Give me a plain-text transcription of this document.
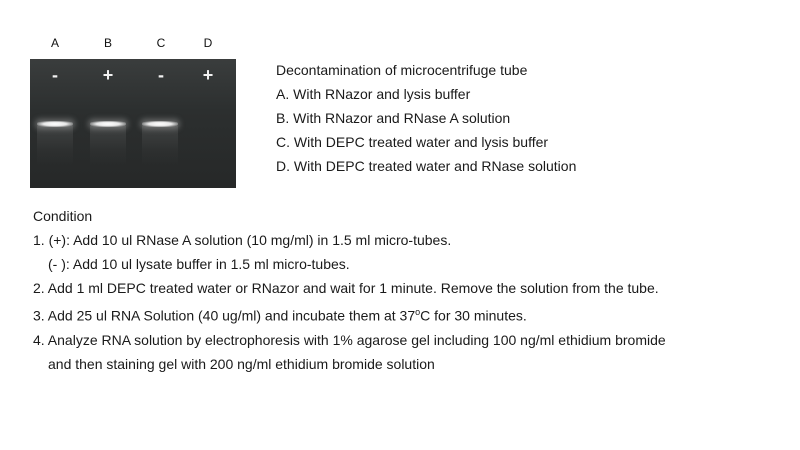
A	B	C	D
-	+	-	+	Decontamination of microcentrifuge tube
A. With RNazor and lysis buffer
B. With RNazor and RNase A solution
C. With DEPC treated water and lysis buffer
D. With DEPC treated water and RNase solution
Condition
1. (+): Add 10 ul RNase A solution (10 mg/ml) in 1.5 ml micro-tubes.
(- ): Add 10 ul lysate buffer in 1.5 ml micro-tubes.
2. Add 1 ml DEPC treated water or RNazor and wait for 1 minute. Remove the solution from the tube.
3. Add 25 ul RNA Solution (40 ug/ml) and incubate them at 37$^o$C for 30 minutes.
4. Analyze RNA solution by electrophoresis with 1% agarose gel including 100 ng/ml ethidium bromide
and then staining gel with 200 ng/ml ethidium bromide solution
